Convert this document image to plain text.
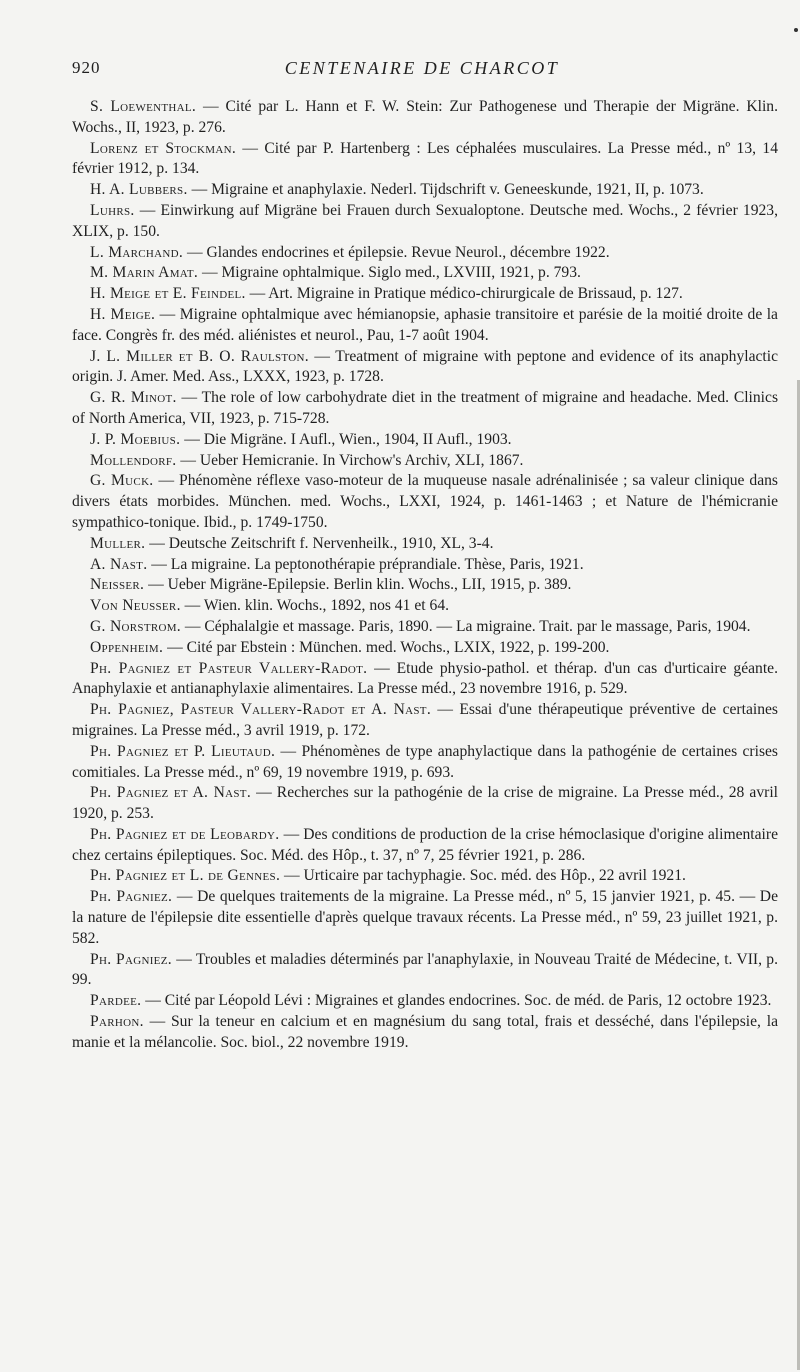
920	CENTENAIRE DE CHARCOT

S. Loewenthal. — Cité par L. Hann et F. W. Stein: Zur Pathogenese und Therapie der Migräne. Klin. Wochs., II, 1923, p. 276.

Lorenz et Stockman. — Cité par P. Hartenberg : Les céphalées musculaires. La Presse méd., nº 13, 14 février 1912, p. 134.

H. A. Lubbers. — Migraine et anaphylaxie. Nederl. Tijdschrift v. Geneeskunde, 1921, II, p. 1073.

Luhrs. — Einwirkung auf Migräne bei Frauen durch Sexualoptone. Deutsche med. Wochs., 2 février 1923, XLIX, p. 150.

L. Marchand. — Glandes endocrines et épilepsie. Revue Neurol., décembre 1922.

M. Marin Amat. — Migraine ophtalmique. Siglo med., LXVIII, 1921, p. 793.

H. Meige et E. Feindel. — Art. Migraine in Pratique médico-chirurgicale de Brissaud, p. 127.

H. Meige. — Migraine ophtalmique avec hémianopsie, aphasie transitoire et parésie de la moitié droite de la face. Congrès fr. des méd. aliénistes et neurol., Pau, 1-7 août 1904.

J. L. Miller et B. O. Raulston. — Treatment of migraine with peptone and evidence of its anaphylactic origin. J. Amer. Med. Ass., LXXX, 1923, p. 1728.

G. R. Minot. — The role of low carbohydrate diet in the treatment of migraine and headache. Med. Clinics of North America, VII, 1923, p. 715-728.

J. P. Moebius. — Die Migräne. I Aufl., Wien., 1904, II Aufl., 1903.

Mollendorf. — Ueber Hemicranie. In Virchow's Archiv, XLI, 1867.

G. Muck. — Phénomène réflexe vaso-moteur de la muqueuse nasale adrénalinisée ; sa valeur clinique dans divers états morbides. München. med. Wochs., LXXI, 1924, p. 1461-1463 ; et Nature de l'hémicranie sympathico-tonique. Ibid., p. 1749-1750.

Muller. — Deutsche Zeitschrift f. Nervenheilk., 1910, XL, 3-4.

A. Nast. — La migraine. La peptonothérapie préprandiale. Thèse, Paris, 1921.

Neisser. — Ueber Migräne-Epilepsie. Berlin klin. Wochs., LII, 1915, p. 389.

Von Neusser. — Wien. klin. Wochs., 1892, nos 41 et 64.

G. Norstrom. — Céphalalgie et massage. Paris, 1890. — La migraine. Trait. par le massage, Paris, 1904.

Oppenheim. — Cité par Ebstein : München. med. Wochs., LXIX, 1922, p. 199-200.

Ph. Pagniez et Pasteur Vallery-Radot. — Etude physio-pathol. et thérap. d'un cas d'urticaire géante. Anaphylaxie et antianaphylaxie alimentaires. La Presse méd., 23 novembre 1916, p. 529.

Ph. Pagniez, Pasteur Vallery-Radot et A. Nast. — Essai d'une thérapeutique préventive de certaines migraines. La Presse méd., 3 avril 1919, p. 172.

Ph. Pagniez et P. Lieutaud. — Phénomènes de type anaphylactique dans la pathogénie de certaines crises comitiales. La Presse méd., nº 69, 19 novembre 1919, p. 693.

Ph. Pagniez et A. Nast. — Recherches sur la pathogénie de la crise de migraine. La Presse méd., 28 avril 1920, p. 253.

Ph. Pagniez et de Leobardy. — Des conditions de production de la crise hémoclasique d'origine alimentaire chez certains épileptiques. Soc. Méd. des Hôp., t. 37, nº 7, 25 février 1921, p. 286.

Ph. Pagniez et L. de Gennes. — Urticaire par tachyphagie. Soc. méd. des Hôp., 22 avril 1921.

Ph. Pagniez. — De quelques traitements de la migraine. La Presse méd., nº 5, 15 janvier 1921, p. 45. — De la nature de l'épilepsie dite essentielle d'après quelque travaux récents. La Presse méd., nº 59, 23 juillet 1921, p. 582.

Ph. Pagniez. — Troubles et maladies déterminés par l'anaphylaxie, in Nouveau Traité de Médecine, t. VII, p. 99.

Pardee. — Cité par Léopold Lévi : Migraines et glandes endocrines. Soc. de méd. de Paris, 12 octobre 1923.

Parhon. — Sur la teneur en calcium et en magnésium du sang total, frais et desséché, dans l'épilepsie, la manie et la mélancolie. Soc. biol., 22 novembre 1919.
